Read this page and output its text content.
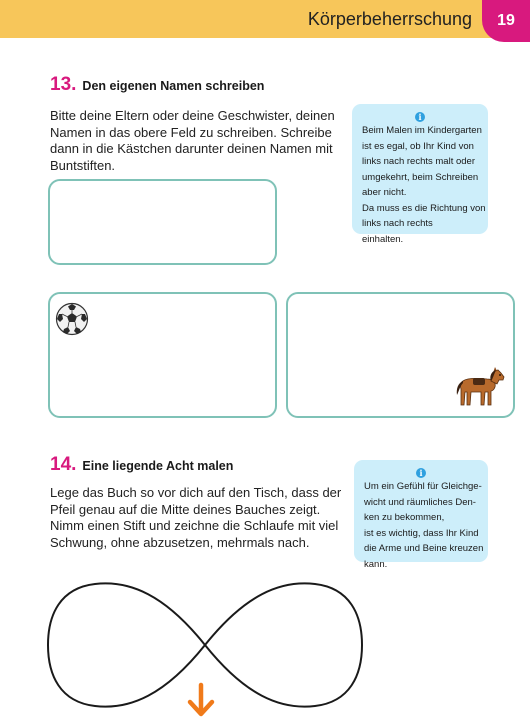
Körperbeherrschung	19
13. Den eigenen Namen schreiben
Bitte deine Eltern oder deine Geschwister, deinen
Namen in das obere Feld zu schreiben. Schreibe
dann in die Kästchen darunter deinen Namen mit
Buntstiften.
i
Beim Malen im Kindergarten
ist es egal, ob Ihr Kind von
links nach rechts malt oder
umgekehrt, beim Schreiben
aber nicht.
Da muss es die Richtung von
links nach rechts
einhalten.
14. Eine liegende Acht malen
Lege das Buch so vor dich auf den Tisch, dass der
Pfeil genau auf die Mitte deines Bauches zeigt.
Nimm einen Stift und zeichne die Schlaufe mit viel
Schwung, ohne abzusetzen, mehrmals nach.
i
Um ein Gefühl für Gleichge-
wicht und räumliches Den-
ken zu bekommen,
ist es wichtig, dass Ihr Kind
die Arme und Beine kreuzen
kann.
